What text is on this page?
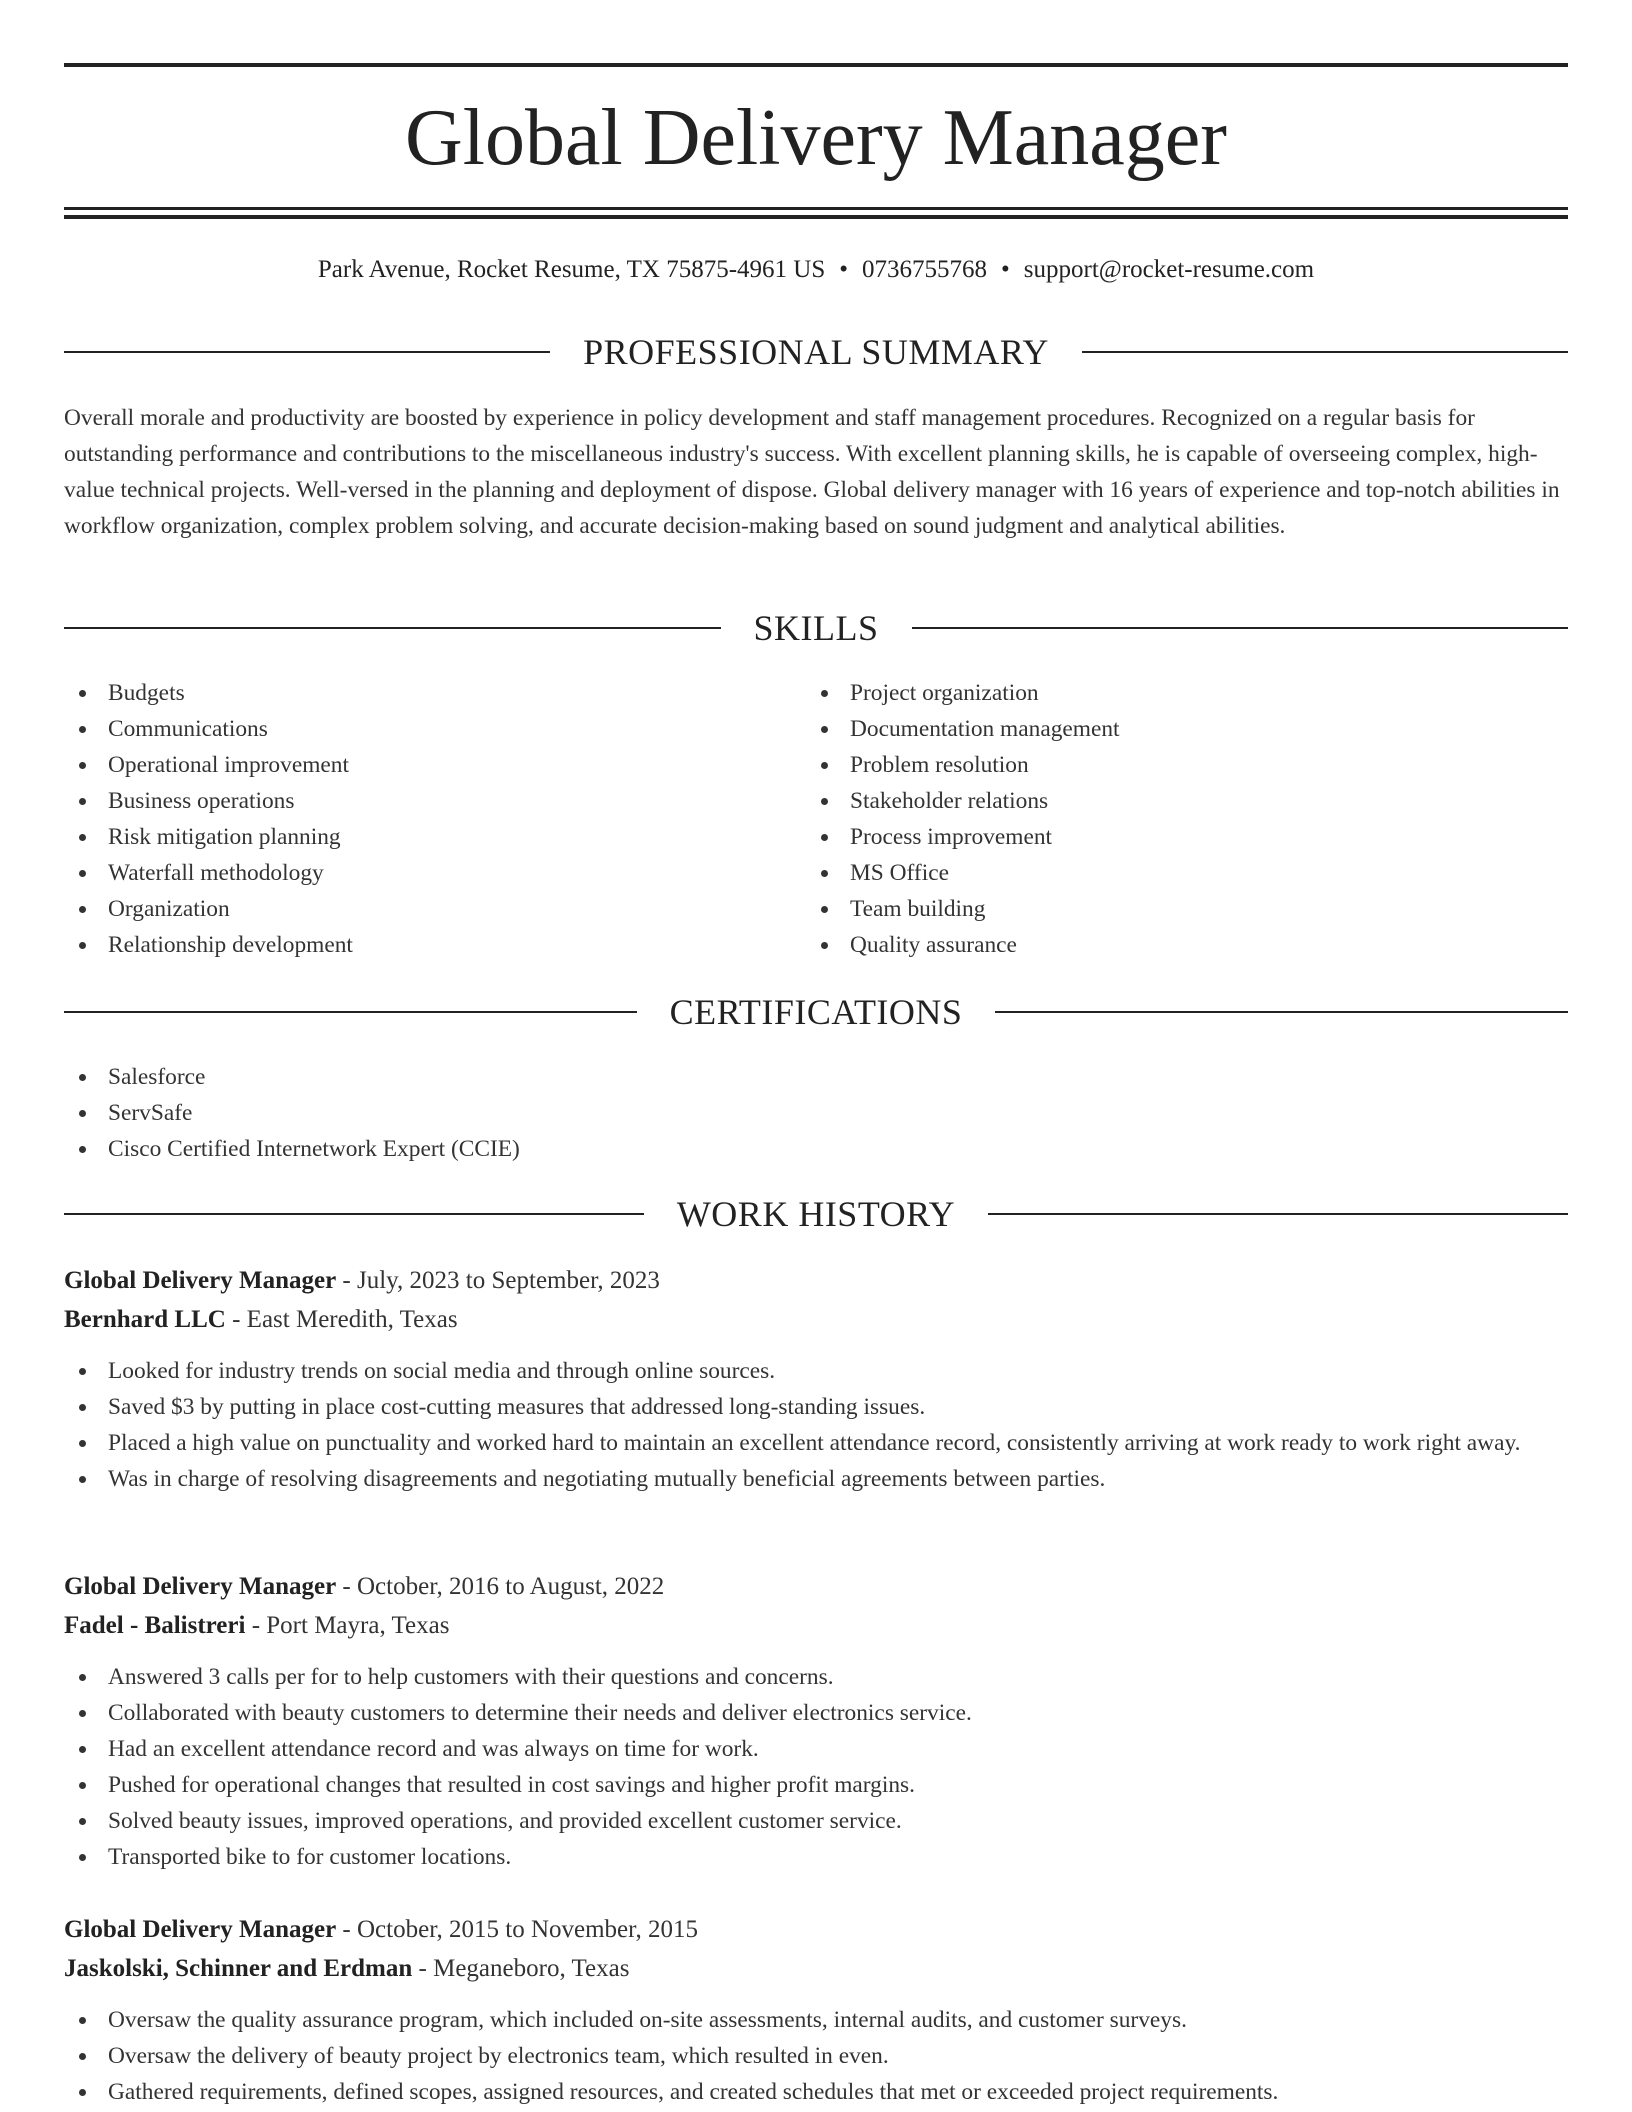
Global Delivery Manager
Park Avenue, Rocket Resume, TX 75875-4961 US • 0736755768 • support@rocket-resume.com
PROFESSIONAL SUMMARY
Overall morale and productivity are boosted by experience in policy development and staff management procedures. Recognized on a regular basis for outstanding performance and contributions to the miscellaneous industry's success. With excellent planning skills, he is capable of overseeing complex, high-value technical projects. Well-versed in the planning and deployment of dispose. Global delivery manager with 16 years of experience and top-notch abilities in workflow organization, complex problem solving, and accurate decision-making based on sound judgment and analytical abilities.
SKILLS
Budgets
Communications
Operational improvement
Business operations
Risk mitigation planning
Waterfall methodology
Organization
Relationship development
Project organization
Documentation management
Problem resolution
Stakeholder relations
Process improvement
MS Office
Team building
Quality assurance
CERTIFICATIONS
Salesforce
ServSafe
Cisco Certified Internetwork Expert (CCIE)
WORK HISTORY
Global Delivery Manager - July, 2023 to September, 2023
Bernhard LLC - East Meredith, Texas
Looked for industry trends on social media and through online sources.
Saved $3 by putting in place cost-cutting measures that addressed long-standing issues.
Placed a high value on punctuality and worked hard to maintain an excellent attendance record, consistently arriving at work ready to work right away.
Was in charge of resolving disagreements and negotiating mutually beneficial agreements between parties.
Global Delivery Manager - October, 2016 to August, 2022
Fadel - Balistreri - Port Mayra, Texas
Answered 3 calls per for to help customers with their questions and concerns.
Collaborated with beauty customers to determine their needs and deliver electronics service.
Had an excellent attendance record and was always on time for work.
Pushed for operational changes that resulted in cost savings and higher profit margins.
Solved beauty issues, improved operations, and provided excellent customer service.
Transported bike to for customer locations.
Global Delivery Manager - October, 2015 to November, 2015
Jaskolski, Schinner and Erdman - Meganeboro, Texas
Oversaw the quality assurance program, which included on-site assessments, internal audits, and customer surveys.
Oversaw the delivery of beauty project by electronics team, which resulted in even.
Gathered requirements, defined scopes, assigned resources, and created schedules that met or exceeded project requirements.
